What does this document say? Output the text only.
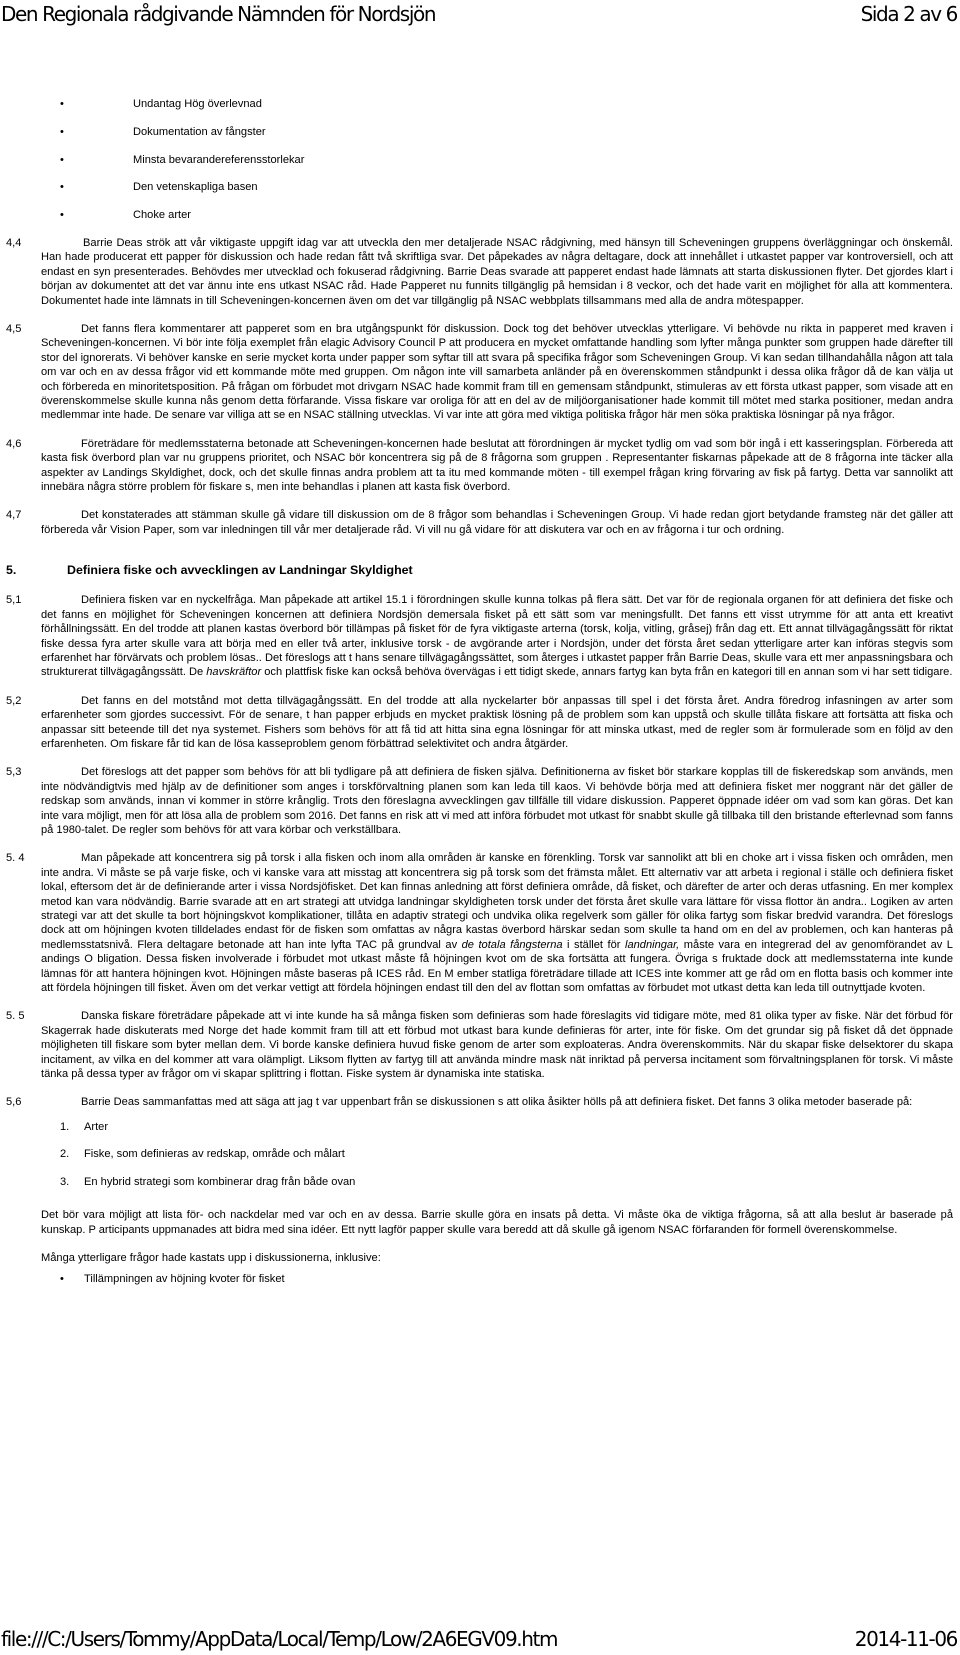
Den Regionala rådgivande Nämnden för Nordsjön	Sida 2 av 6
•	Undantag Hög överlevnad
•	Dokumentation av fångster
•	Minsta bevarandereferensstorlekar
•	Den vetenskapliga basen
•	Choke arter
4,4	Barrie Deas strök att vår viktigaste uppgift idag var att utveckla den mer detaljerade NSAC rådgivning, med hänsyn till Scheveningen gruppens överläggningar och önskemål. Han hade producerat ett papper för diskussion och hade redan fått två skriftliga svar. Det påpekades av några deltagare, dock att innehållet i utkastet papper var kontroversiell, och att endast en syn presenterades. Behövdes mer utvecklad och fokuserad rådgivning. Barrie Deas svarade att papperet endast hade lämnats att starta diskussionen flyter. Det gjordes klart i början av dokumentet att det var ännu inte ens utkast NSAC råd. Hade Papperet nu funnits tillgänglig på hemsidan i 8 veckor, och det hade varit en möjlighet för alla att kommentera. Dokumentet hade inte lämnats in till Scheveningen-koncernen även om det var tillgänglig på NSAC webbplats tillsammans med alla de andra mötespapper.
4,5	Det fanns flera kommentarer att papperet som en bra utgångspunkt för diskussion. Dock tog det behöver utvecklas ytterligare. Vi behövde nu rikta in papperet med kraven i Scheveningen-koncernen. Vi bör inte följa exemplet från elagic Advisory Council P att producera en mycket omfattande handling som lyfter många punkter som gruppen hade därefter till stor del ignorerats. Vi behöver kanske en serie mycket korta under papper som syftar till att svara på specifika frågor som Scheveningen Group. Vi kan sedan tillhandahålla någon att tala om var och en av dessa frågor vid ett kommande möte med gruppen. Om någon inte vill samarbeta anländer på en överenskommen ståndpunkt i dessa olika frågor då de kan välja ut och förbereda en minoritetsposition. På frågan om förbudet mot drivgarn NSAC hade kommit fram till en gemensam ståndpunkt, stimuleras av ett första utkast papper, som visade att en överenskommelse skulle kunna nås genom detta förfarande. Vissa fiskare var oroliga för att en del av de miljöorganisationer hade kommit till mötet med starka positioner, medan andra medlemmar inte hade. De senare var villiga att se en NSAC ställning utvecklas. Vi var inte att göra med viktiga politiska frågor här men söka praktiska lösningar på nya frågor.
4,6	Företrädare för medlemsstaterna betonade att Scheveningen-koncernen hade beslutat att förordningen är mycket tydlig om vad som bör ingå i ett kasseringsplan. Förbereda att kasta fisk överbord plan var nu gruppens prioritet, och NSAC bör koncentrera sig på de 8 frågorna som gruppen . Representanter fiskarnas påpekade att de 8 frågorna inte täcker alla aspekter av Landings Skyldighet, dock, och det skulle finnas andra problem att ta itu med kommande möten - till exempel frågan kring förvaring av fisk på fartyg. Detta var sannolikt att innebära några större problem för fiskare s, men inte behandlas i planen att kasta fisk överbord.
4,7	Det konstaterades att stämman skulle gå vidare till diskussion om de 8 frågor som behandlas i Scheveningen Group. Vi hade redan gjort betydande framsteg när det gäller att förbereda vår Vision Paper, som var inledningen till vår mer detaljerade råd. Vi vill nu gå vidare för att diskutera var och en av frågorna i tur och ordning.
5.	Definiera fiske och avvecklingen av Landningar Skyldighet
5,1	Definiera fisken var en nyckelfråga. Man påpekade att artikel 15.1 i förordningen skulle kunna tolkas på flera sätt. Det var för de regionala organen för att definiera det fiske och det fanns en möjlighet för Scheveningen koncernen att definiera Nordsjön demersala fisket på ett sätt som var meningsfullt. Det fanns ett visst utrymme för att anta ett kreativt förhållningssätt. En del trodde att planen kastas överbord bör tillämpas på fisket för de fyra viktigaste arterna (torsk, kolja, vitling, gråsej) från dag ett. Ett annat tillvägagångssätt för riktat fiske dessa fyra arter skulle vara att börja med en eller två arter, inklusive torsk - de avgörande arter i Nordsjön, under det första året sedan ytterligare arter kan införas stegvis som erfarenhet har förvärvats och problem lösas.. Det föreslogs att t hans senare tillvägagångssättet, som återges i utkastet papper från Barrie Deas, skulle vara ett mer anpassningsbara och strukturerat tillvägagångssätt. De havskräftor och plattfisk fiske kan också behöva övervägas i ett tidigt skede, annars fartyg kan byta från en kategori till en annan som vi har sett tidigare.
5,2	Det fanns en del motstånd mot detta tillvägagångssätt. En del trodde att alla nyckelarter bör anpassas till spel i det första året. Andra föredrog infasningen av arter som erfarenheter som gjordes successivt. För de senare, t han papper erbjuds en mycket praktisk lösning på de problem som kan uppstå och skulle tillåta fiskare att fortsätta att fiska och anpassar sitt beteende till det nya systemet. Fishers som behövs för att få tid att hitta sina egna lösningar för att minska utkast, med de regler som är formulerade som en följd av den erfarenheten. Om fiskare får tid kan de lösa kasseproblem genom förbättrad selektivitet och andra åtgärder.
5,3	Det föreslogs att det papper som behövs för att bli tydligare på att definiera de fisken själva. Definitionerna av fisket bör starkare kopplas till de fiskeredskap som används, men inte nödvändigtvis med hjälp av de definitioner som anges i torskförvaltning planen som kan leda till kaos. Vi behövde börja med att definiera fisket mer noggrant när det gäller de redskap som används, innan vi kommer in större krånglig. Trots den föreslagna avvecklingen gav tillfälle till vidare diskussion. Papperet öppnade idéer om vad som kan göras. Det kan inte vara möjligt, men för att lösa alla de problem som 2016. Det fanns en risk att vi med att införa förbudet mot utkast för snabbt skulle gå tillbaka till den bristande efterlevnad som fanns på 1980-talet. De regler som behövs för att vara körbar och verkställbara.
5. 4	Man påpekade att koncentrera sig på torsk i alla fisken och inom alla områden är kanske en förenkling. Torsk var sannolikt att bli en choke art i vissa fisken och områden, men inte andra. Vi måste se på varje fiske, och vi kanske vara att misstag att koncentrera sig på torsk som det främsta målet. Ett alternativ var att arbeta i regional i ställe och definiera fisket lokal, eftersom det är de definierande arter i vissa Nordsjöfisket. Det kan finnas anledning att först definiera område, då fisket, och därefter de arter och deras utfasning. En mer komplex metod kan vara nödvändig. Barrie svarade att en art strategi att utvidga landningar skyldigheten torsk under det första året skulle vara lättare för vissa flottor än andra.. Logiken av arten strategi var att det skulle ta bort höjningskvot komplikationer, tillåta en adaptiv strategi och undvika olika regelverk som gäller för olika fartyg som fiskar bredvid varandra. Det föreslogs dock att om höjningen kvoten tilldelades endast för de fisken som omfattas av några kastas överbord härskar sedan som skulle ta hand om en del av problemen, och kan hanteras på medlemsstatsnivå. Flera deltagare betonade att han inte lyfta TAC på grundval av de totala fångsterna i stället för landningar, måste vara en integrerad del av genomförandet av L andings O bligation. Dessa fisken involverade i förbudet mot utkast måste få höjningen kvot om de ska fortsätta att fungera. Övriga s fruktade dock att medlemsstaterna inte kunde lämnas för att hantera höjningen kvot. Höjningen måste baseras på ICES råd. En M ember statliga företrädare tillade att ICES inte kommer att ge råd om en flotta basis och kommer inte att fördela höjningen till fisket. Även om det verkar vettigt att fördela höjningen endast till den del av flottan som omfattas av förbudet mot utkast detta kan leda till outnyttjade kvoten.
5. 5	Danska fiskare företrädare påpekade att vi inte kunde ha så många fisken som definieras som hade föreslagits vid tidigare möte, med 81 olika typer av fiske. När det förbud för Skagerrak hade diskuterats med Norge det hade kommit fram till att ett förbud mot utkast bara kunde definieras för arter, inte för fiske. Om det grundar sig på fisket då det öppnade möjligheten till fiskare som byter mellan dem. Vi borde kanske definiera huvud fiske genom de arter som exploateras. Andra överenskommits. När du skapar fiske delsektorer du skapa incitament, av vilka en del kommer att vara olämpligt. Liksom flytten av fartyg till att använda mindre mask nät inriktad på perversa incitament som förvaltningsplanen för torsk. Vi måste tänka på dessa typer av frågor om vi skapar splittring i flottan. Fiske system är dynamiska inte statiska.
5,6	Barrie Deas sammanfattas med att säga att jag t var uppenbart från se diskussionen s att olika åsikter hölls på att definiera fisket. Det fanns 3 olika metoder baserade på:
1. Arter
2. Fiske, som definieras av redskap, område och målart
3. En hybrid strategi som kombinerar drag från både ovan
Det bör vara möjligt att lista för- och nackdelar med var och en av dessa. Barrie skulle göra en insats på detta. Vi måste öka de viktiga frågorna, så att alla beslut är baserade på kunskap. P articipants uppmanades att bidra med sina idéer. Ett nytt lagför papper skulle vara beredd att då skulle gå igenom NSAC förfaranden för formell överenskommelse.
Många ytterligare frågor hade kastats upp i diskussionerna, inklusive:
• Tillämpningen av höjning kvoter för fisket
file:///C:/Users/Tommy/AppData/Local/Temp/Low/2A6EGV09.htm	2014-11-06
